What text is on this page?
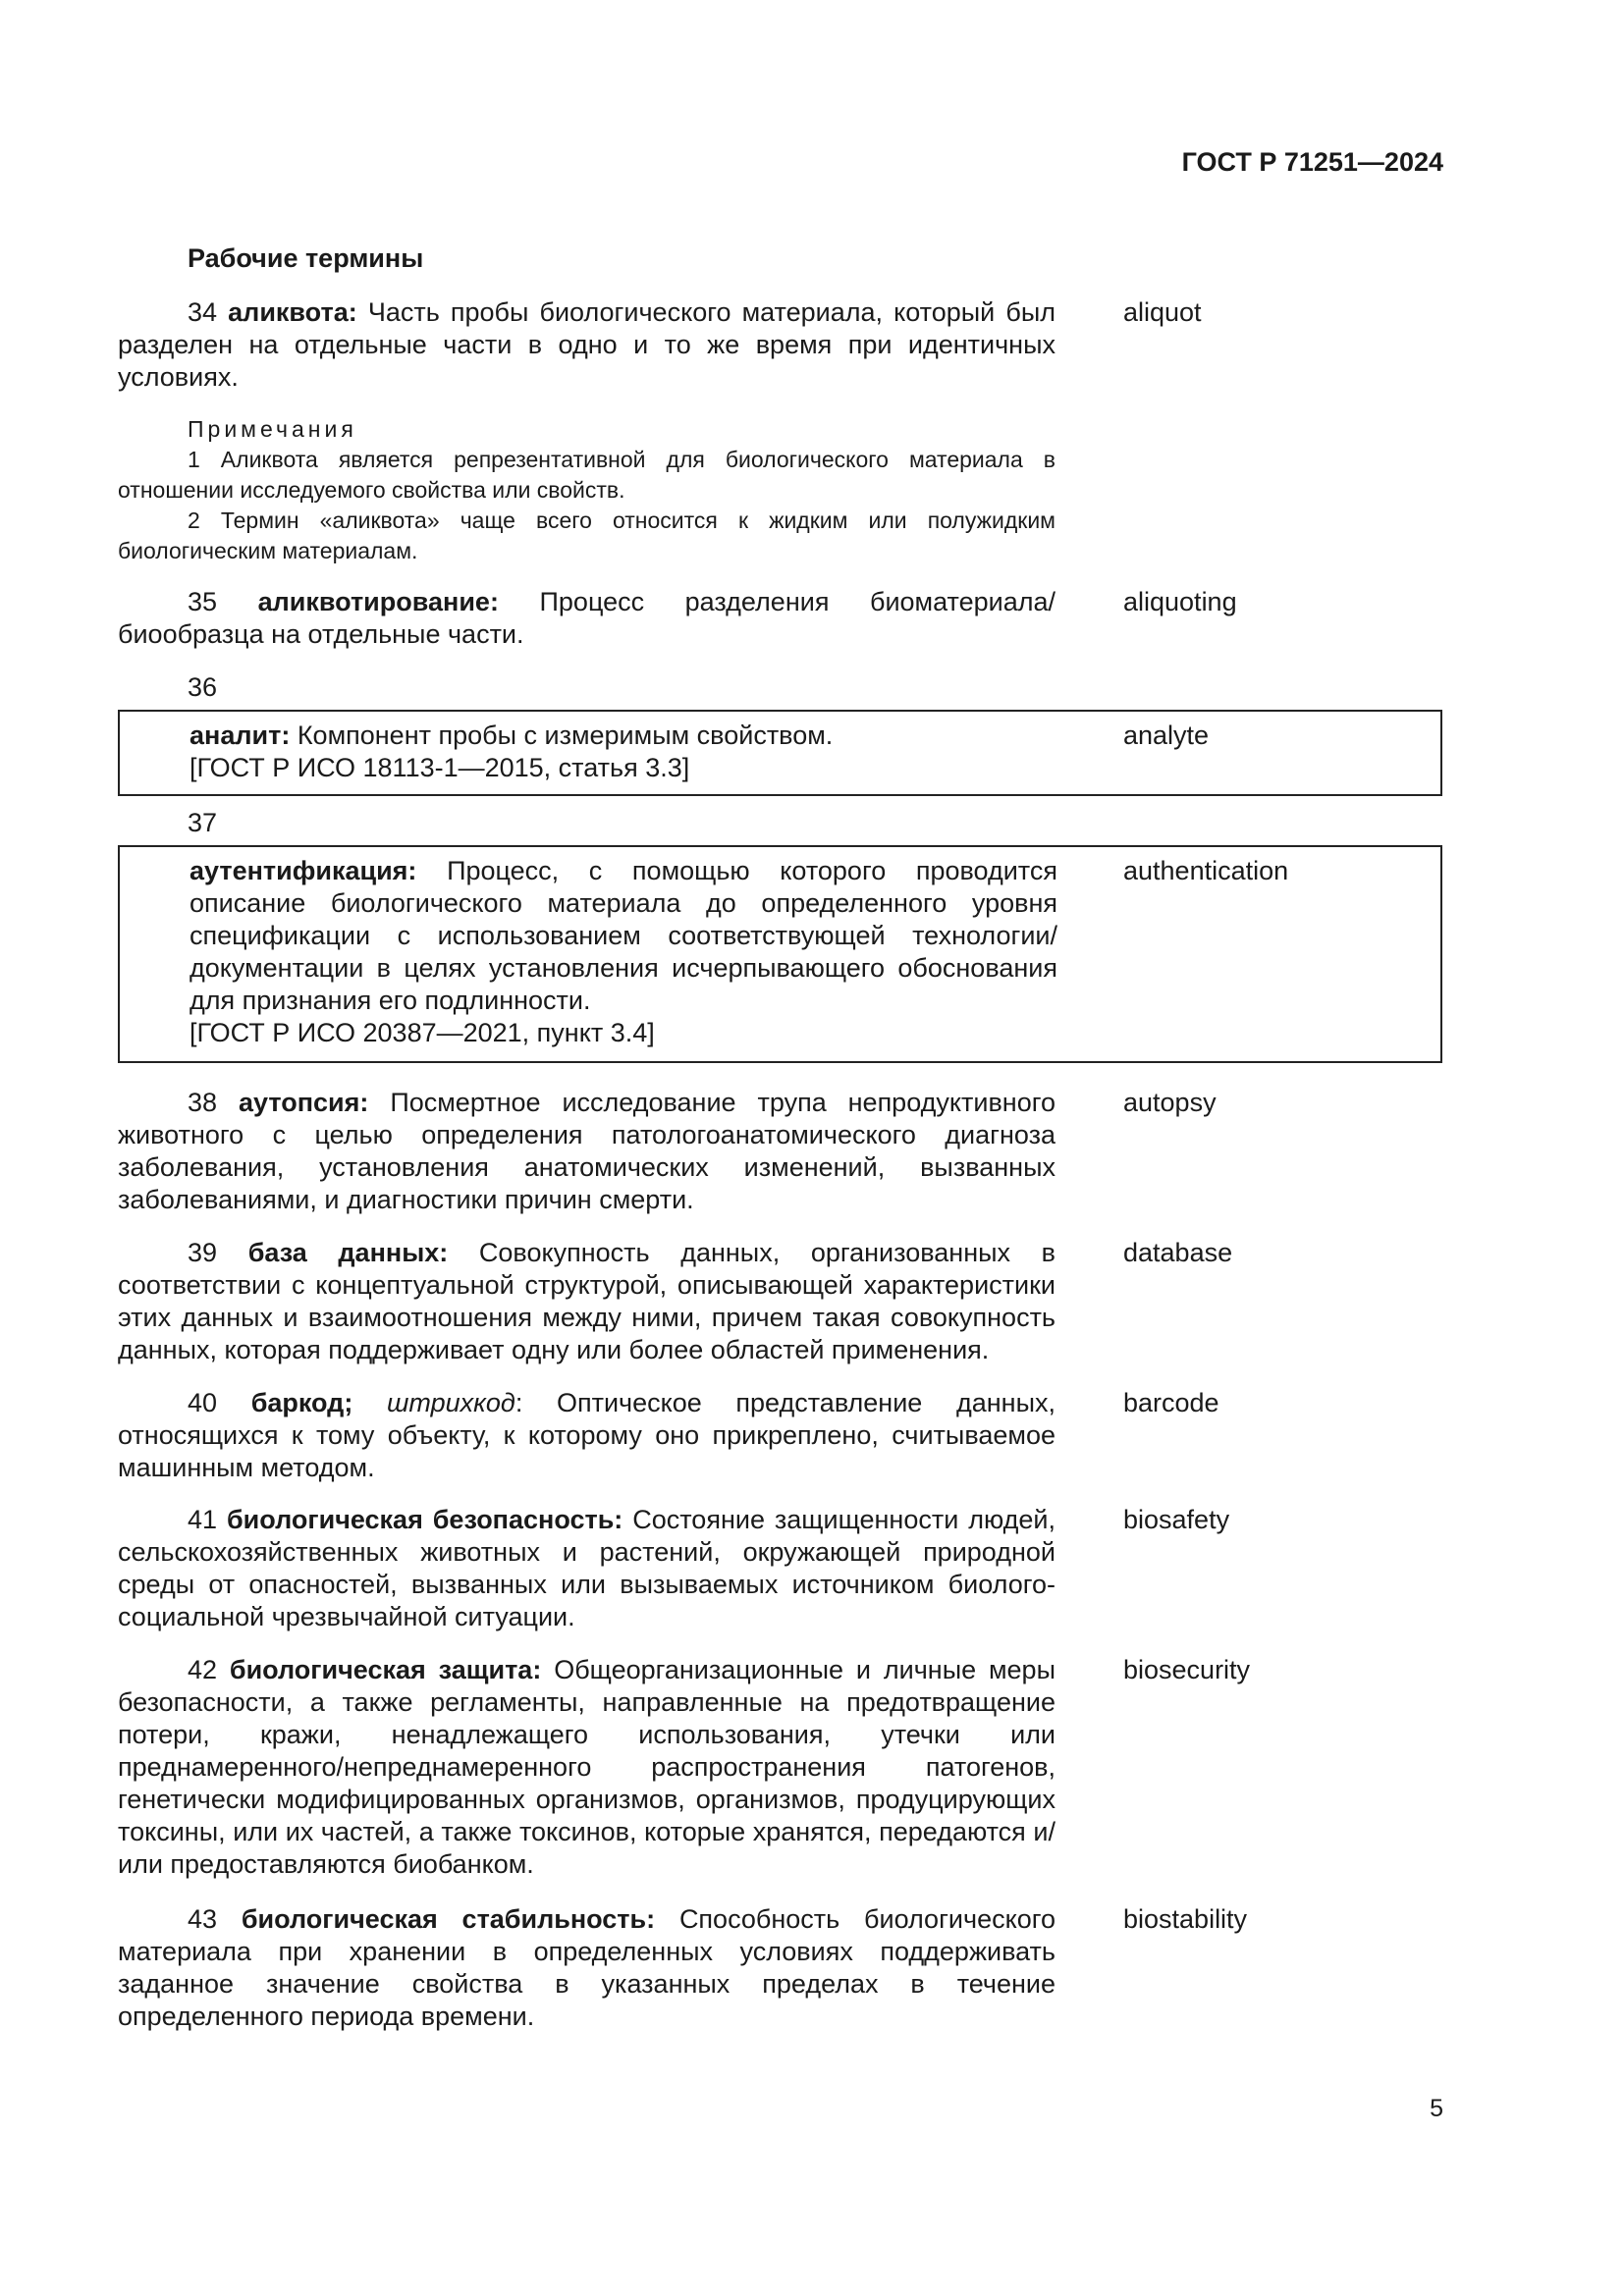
ГОСТ Р 71251—2024
Рабочие термины
34 аликвота: Часть пробы биологического материала, который был разделен на отдельные части в одно и то же время при идентичных условиях.
aliquot
Примечания
1 Аликвота является репрезентативной для биологического материала в отношении исследуемого свойства или свойств.
2 Термин «аликвота» чаще всего относится к жидким или полужидким биологическим материалам.
35 аликвотирование: Процесс разделения биоматериала/биообразца на отдельные части.
aliquoting
36
аналит: Компонент пробы с измеримым свойством.
[ГОСТ Р ИСО 18113-1—2015, статья 3.3]
analyte
37
аутентификация: Процесс, с помощью которого проводится описание биологического материала до определенного уровня спецификации с использованием соответствующей технологии/документации в целях установления исчерпывающего обоснования для признания его подлинности.
[ГОСТ Р ИСО 20387—2021, пункт 3.4]
authentication
38 аутопсия: Посмертное исследование трупа непродуктивного животного с целью определения патологоанатомического диагноза заболевания, установления анатомических изменений, вызванных заболеваниями, и диагностики причин смерти.
autopsy
39 база данных: Совокупность данных, организованных в соответствии с концептуальной структурой, описывающей характеристики этих данных и взаимоотношения между ними, причем такая совокупность данных, которая поддерживает одну или более областей применения.
database
40 баркод; штрихкод: Оптическое представление данных, относящихся к тому объекту, к которому оно прикреплено, считываемое машинным методом.
barcode
41 биологическая безопасность: Состояние защищенности людей, сельскохозяйственных животных и растений, окружающей природной среды от опасностей, вызванных или вызываемых источником биолого-социальной чрезвычайной ситуации.
biosafety
42 биологическая защита: Общеорганизационные и личные меры безопасности, а также регламенты, направленные на предотвращение потери, кражи, ненадлежащего использования, утечки или преднамеренного/непреднамеренного распространения патогенов, генетически модифицированных организмов, организмов, продуцирующих токсины, или их частей, а также токсинов, которые хранятся, передаются и/или предоставляются биобанком.
biosecurity
43 биологическая стабильность: Способность биологического материала при хранении в определенных условиях поддерживать заданное значение свойства в указанных пределах в течение определенного периода времени.
biostability
5
